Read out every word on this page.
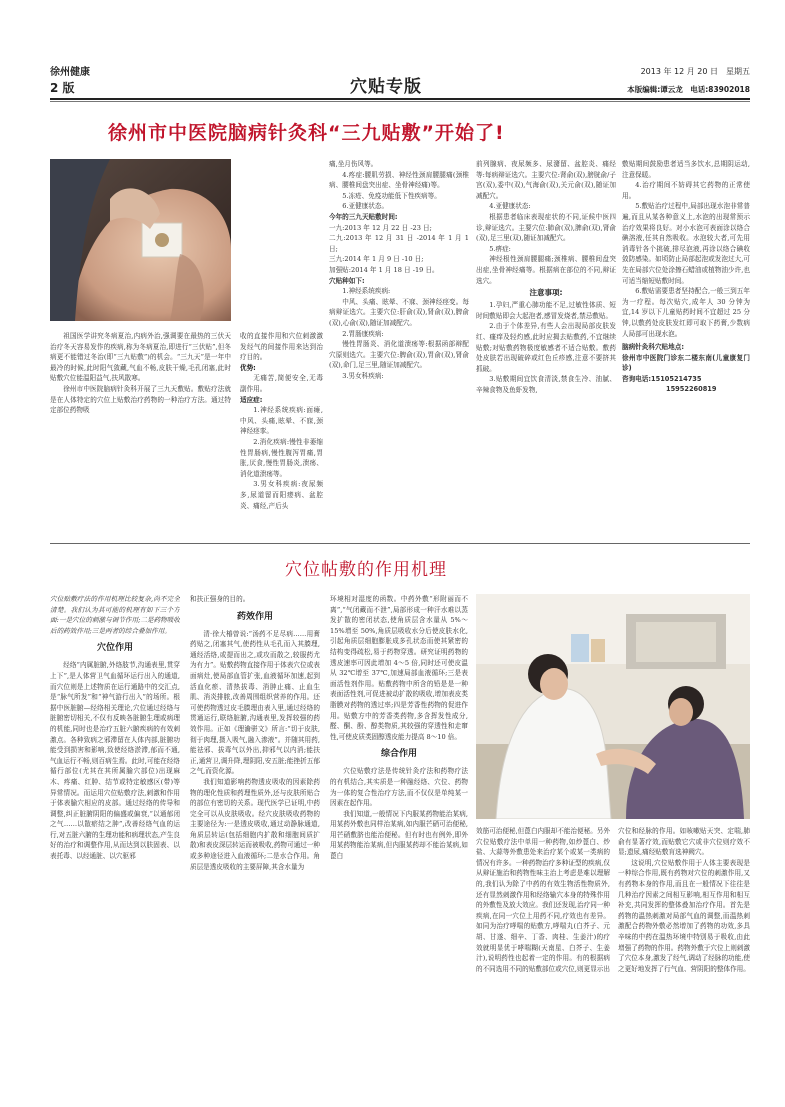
徐州健康
2 版	穴贴专版
2013 年 12 月 20 日　星期五
本版编辑:谭云龙　电话:83902018
徐州市中医院脑病针灸科“三九贴敷”开始了!

祖国医学讲究冬病夏治,内病外治,强调要在最热的三伏天治疗冬天容易发作的疾病,称为冬病夏治,即进行“三伏贴”,但冬病更不能错过冬治(即“三九贴敷”)的机会。“三九天”是一年中最冷的时候,此时阳气敛藏,气血不畅,皮肤干燥,毛孔闭塞,此时贴敷穴位能温阳益气,扶风散寒。

徐州市中医院脑病针灸科开展了三九天敷贴。敷贴疗法就是在人体特定的穴位上贴敷治疗药物的一种治疗方法。通过特定部位药物吸

收的直接作用和穴位刺激激发经气的间接作用来达到治疗目的。

优势:

无痛苦,简便安全,无毒副作用。

适应症:

1.神经系统疾病:面瘫,中风、头痛,眩晕、不寐,颈神经痉挛。

2.消化疾病:慢性非萎缩性胃肠病,慢性腹泻胃痛,胃胀,厌食,慢性胃肠炎,溃疡、消化道溃疡等。

3.男女科疾病:夜尿频多,尿道留而阳痿病、盆腔炎、痛经,产后头

痛,坐月伤风等。

4.疼症:腰肌劳损、神经性颈肩腰腿痛(颈椎病、腰椎间盘突出症、坐骨神经痛)等。

5.冻疮、免疫功能低下性疾病等。

6.亚健康状态。

今年的三九天贴敷时间:

一九:2013 年 12 月 22 日 -23 日;

二九:2013 年 12 月 31 日 -2014 年 1 月 1 日;

三九:2014 年 1 月 9 日 -10 日;

加强贴:2014 年 1 月 18 日 -19 日。

穴贴种如下:

1.神经系统疾病:

中风、头痛、眩晕、不寐、颈神经痉变。每病辩证选穴。主要穴位:肝俞(双),肾俞(双),脾俞(双),心俞(双),随证加减配穴。

2.胃肠康疾病:

慢性胃肠炎、消化道溃疡等:根据函部辩配穴原则选穴。主要穴位:脾俞(双),胃俞(双),肾俞(双),命门,足三里,随证加减配穴。

3.男女科疾病:

前列腺病、夜尿频多、尿潴留、盆腔炎、痛经等:每病辩证选穴。主要穴位:肾俞(双),膀胱俞/子宫(双),委中(双),气海俞(双),关元俞(双),随证加减配穴。

4.亚健康状态:

根据患者临床表现症状的不同,证候中医四诊,辩证选穴。主要穴位:肺俞(双),脾俞(双),肾俞(双),足三里(双),随证加减配穴。

5.痹症:

神经根性颈肩腰腿痛;颈椎病、腰椎间盘突出症,坐骨神经痛等。根据病在部位的不同,辩证选穴。

注意事项:

1.孕妇,严重心肺功能不足,过敏性体质、短时间敷贴即会大起泡者,感冒发烧者,禁忌敷贴。

2.由于个体差异,有些人会出现局部皮肤发红、瘙痒及轻灼感,此时应揭去贴敷药,不宜继续贴敷;对贴敷药物极度敏感者不适合贴敷。敷药处皮肤若出现破碎或红色丘疹感,注意不要挤其抓破。

3.贴敷期间宜饮食清淡,禁食生冷、油腻、辛辣食物及鱼虾发物,

敷贴期间鼓励患者适当多饮水,总期阴运动,注意保暖。

4.治疗期间不妨碍其它药物的正常使用。

5.敷贴治疗过程中,局部出现水泡非常普遍,而且从某各种意义上,水泡的出现常预示治疗效果将良好。对小水泡可表面涂以络合碘溶液,任其自然吸收。水泡较大者,可先用消毒针各个挑破,排尽泡液,再涂以络合碘收敛防感染。如顷防止局部起泡或发泡过大,可先在局部穴位处涂擦石蜡油或植物油少许,也可适当缩短贴敷时间。

6.敷贴需要患者坚持配合,一般三到五年为一疗程。每次贴穴,成年人 30 分钟为宜,14 岁以下儿童贴药时间不宜超过 25 分钟,以敷药处皮肤发红即可取下药膏,少数病人局部可出现水泡。

脑病针灸科穴贴地点:

徐州市中医院门诊东二楼东南(儿童康复门诊)

咨询电话:15105214735

15952260819

穴位帖敷的作用机理

穴位贴敷疗法的作用机理比较复杂,尚不完全清楚。我们认为其可能的机理有如下三个方面:一是穴位的刺激与调节作用;二是药物吸收后的药效作用;三是两者的综合叠加作用。

穴位作用

经络“内属脏腑,外络肢节,沟通表里,贯穿上下”,是人体营卫气血循环运行出入的通道,而穴位则是上述物质在运行通路中的交汇点,是“脉气所发”和“神气游行出入”的场所。根据中医脏腑—经络相关理论,穴位通过经络与脏腑密切相关,不仅有反映各脏腑生理或病理的机能,同时也是治疗五脏六腑疾病的有效刺激点。各种致病之邪滞留在人体内部,脏腑功能受到损害和影响,致使经络淤滞,郁而不通,气血运行不畅,则百病生焉。此时,可能在经络循行部位(尤其在其所属腧穴部位)出现麻木、疼痛、红肿、结节或特定敏感区(带)等异常情况。而运用穴位贴敷疗法,刺激和作用于体表腧穴相应的皮部。通过经络的传导和调整,纠正脏腑阴阳的偏盛或偏衰,“以通郁闭之气……以散瘀结之肿”,改善经络气血的运行,对五脏六腑的生理功能和病理状态,产生良好的治疗和调整作用,从而达到以肤固表、以表托毒、以经通脏、以穴驱邪

和扶正强身的目的。

药效作用

清·徐大椿曾说:“汤药不足尽病……用膏药贴之,闭塞其气,使药性从毛孔而入其腠理,通经活络,或提而出之,或攻而散之,较服药尤为有力”。贴敷药物直接作用于体表穴位或表面病灶,使局部血管扩张,血液循环加速,起到活血化瘀、清热拔毒、消肿止痛、止血生肌、消炎排脓,改善周围组织营养的作用。还可使药物透过皮毛腠理由表入里,通过经络的贯通运行,联络脏腑,沟通表里,发挥较强的药效作用。正如《理瀹骈文》所言:“切于皮肤,彻于肉理,摄入吸气,融入渗液”。并随其用药,能祛邪、拔毒气以外出,抑邪气以内消;能扶正,通营卫,调升降,理阴阳,安五脏;能挫折五郁之气,而资化源。

我们知道影响药物透皮吸收的因素除药物的理化性质和药理性质外,还与皮肤所贴合的部位有密切的关系。现代医学已证明,中药完全可以从皮肤吸收。经穴皮肤吸收药物的主要途径为:一是透皮吸收,通过动静脉通道,角质层转运(包括细胞内扩散和细胞间质扩散)和表皮深层转运而被吸收,药物可通过一种或多种途径进入血液循环;二是水合作用。角质层是透皮吸收的主要屏障,其含水量为

环境相对湿度的函数。中药外敷“形附丽而不离”,“气闭藏而不泄”,局部形成一种汗水难以蒸发扩散的密闭状态,使角质层含水量从 5%～15%增至 50%,角质层吸收水分后使皮肤水化,引起角质层细胞膨胀成多孔状态而使其紧密的结构变得疏松,易于药物穿透。研究证明药物的透皮速率可因此增加 4～5 倍,同时还可使皮温从 32℃增至 37℃,加速局部血液循环;三是表面活性剂作用。贴敷药物中所含的铅是是一种表面活性剂,可促进被动扩散的吸收,增加表皮类脂膜对药物的透过率;四是芳香性药物的促进作用。贴敷方中的芳香类药物,多含挥发性成分,醛、酮、酚、醇类物质,其较强的穿透性和走窜性,可使皮质类固醇透皮能力提高 8～10 倍。

综合作用

穴位贴敷疗法是传统针灸疗法和药物疗法的有机结合,其实质是一种融经络、穴位、药物为一体的复合性治疗方法,而不仅仅是单纯某一因素在起作用。

我们知道,一般情况下内服某药物能治某病,用某药外敷也同样治某病,如内服芒硝可治便秘,用芒硝敷脐也能治便秘。但有时也有例外,即外用某药物能治某病,但内服某药却不能治某病,如蓖白

效筋可治便秘,但蓖白内服却不能治便秘。另外穴位贴敷疗法中单用一种药物,如炒蓖白、炒盐、大蒜等外敷患处来治疗某个或某一类病的情况有许多。一种药物治疗多种证型的疾病,仅从辩证施治和药物性味主治上考虑是难以理解的,我们认为除了中药的有效生物活性物质外,还有显然刺激作用和经络输穴本身的特殊作用的外敷性及放大效应。我们还发现,治疗同一种疾病,在同一穴位上用药不同,疗效也有差异。如同为治疗哮喘的贴敷方,哮喘丸(白芥子、元胡、甘遂、细辛、丁香、肉桂、生姜汁)的疗效就明显优于哮喘糊(天南星、白芥子、生姜汁),说明药性也起着一定的作用。有的根据病的不同选用不同的贴敷部位或穴位,则更显示出

穴位和经脉的作用。如咳嗽贴天突、定喘,肺俞有显著疗效,而贴敷它穴或非穴位则疗效不显;遗尿,痛经贴敷肓选神阙穴。

这说明,穴位贴敷作用于人体主要表现是一种综合作用,既有药物对穴位的刺激作用,又有药物本身的作用,而且在一般情况下往往是几种治疗因素之间相互影响,相互作用和相互补充,共同发挥的整体叠加治疗作用。首先是药物的温热刺激对局部气血的调整,而温热刺激配合药物外敷必然增加了药物的功效,多具辛味的中药在温热环境中特别易于吸收,由此增强了药物的作用。药物外敷于穴位上则刺激了穴位本身,激发了经气,调动了经脉的功能,使之更好地发挥了行气血、营阴阳的整体作用。
